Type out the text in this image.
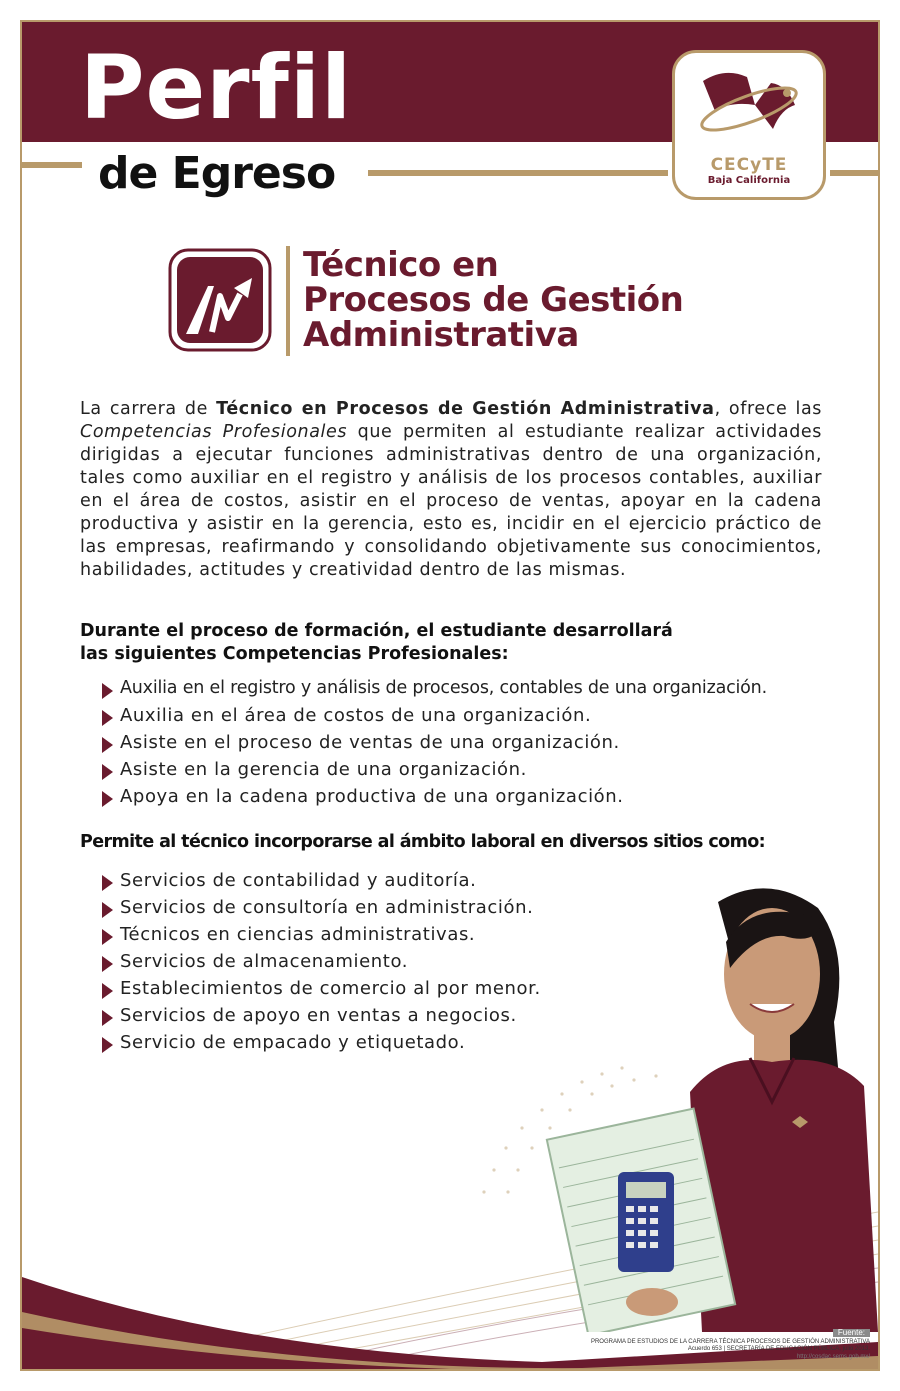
Perfil
de Egreso	CECyTE
Baja California
Técnico en
Procesos de Gestión
Administrativa

La carrera de Técnico en Procesos de Gestión Administrativa, ofrece las Competencias Profesionales que permiten al estudiante realizar actividades dirigidas a ejecutar funciones administrativas dentro de una organización, tales como auxiliar en el registro y análisis de los procesos contables, auxiliar en el área de costos, asistir en el proceso de ventas, apoyar en la cadena productiva y asistir en la gerencia, esto es, incidir en el ejercicio práctico de las empresas, reafirmando y consolidando objetivamente sus conocimientos, habilidades, actitudes y creatividad dentro de las mismas.

Durante el proceso de formación, el estudiante desarrollará
las siguientes Competencias Profesionales:
Auxilia en el registro y análisis de procesos, contables de una organización.
Auxilia en el área de costos de una organización.
Asiste en el proceso de ventas de una organización.
Asiste en la gerencia de una organización.
Apoya en la cadena productiva de una organización.
Permite al técnico incorporarse al ámbito laboral en diversos sitios como:
Servicios de contabilidad y auditoría.
Servicios de consultoría en administración.
Técnicos en ciencias administrativas.
Servicios de almacenamiento.
Establecimientos de comercio al por menor.
Servicios de apoyo en ventas a negocios.
Servicio de empacado y etiquetado.
Fuente:
PROGRAMA DE ESTUDIOS DE LA CARRERA TÉCNICA PROCESOS DE GESTIÓN ADMINISTRATIVA
Acuerdo 653 | SECRETARÍA DE EDUCACIÓN PÚBLICA, julio 2013.
http://cosdac.sems.gob.mx/
